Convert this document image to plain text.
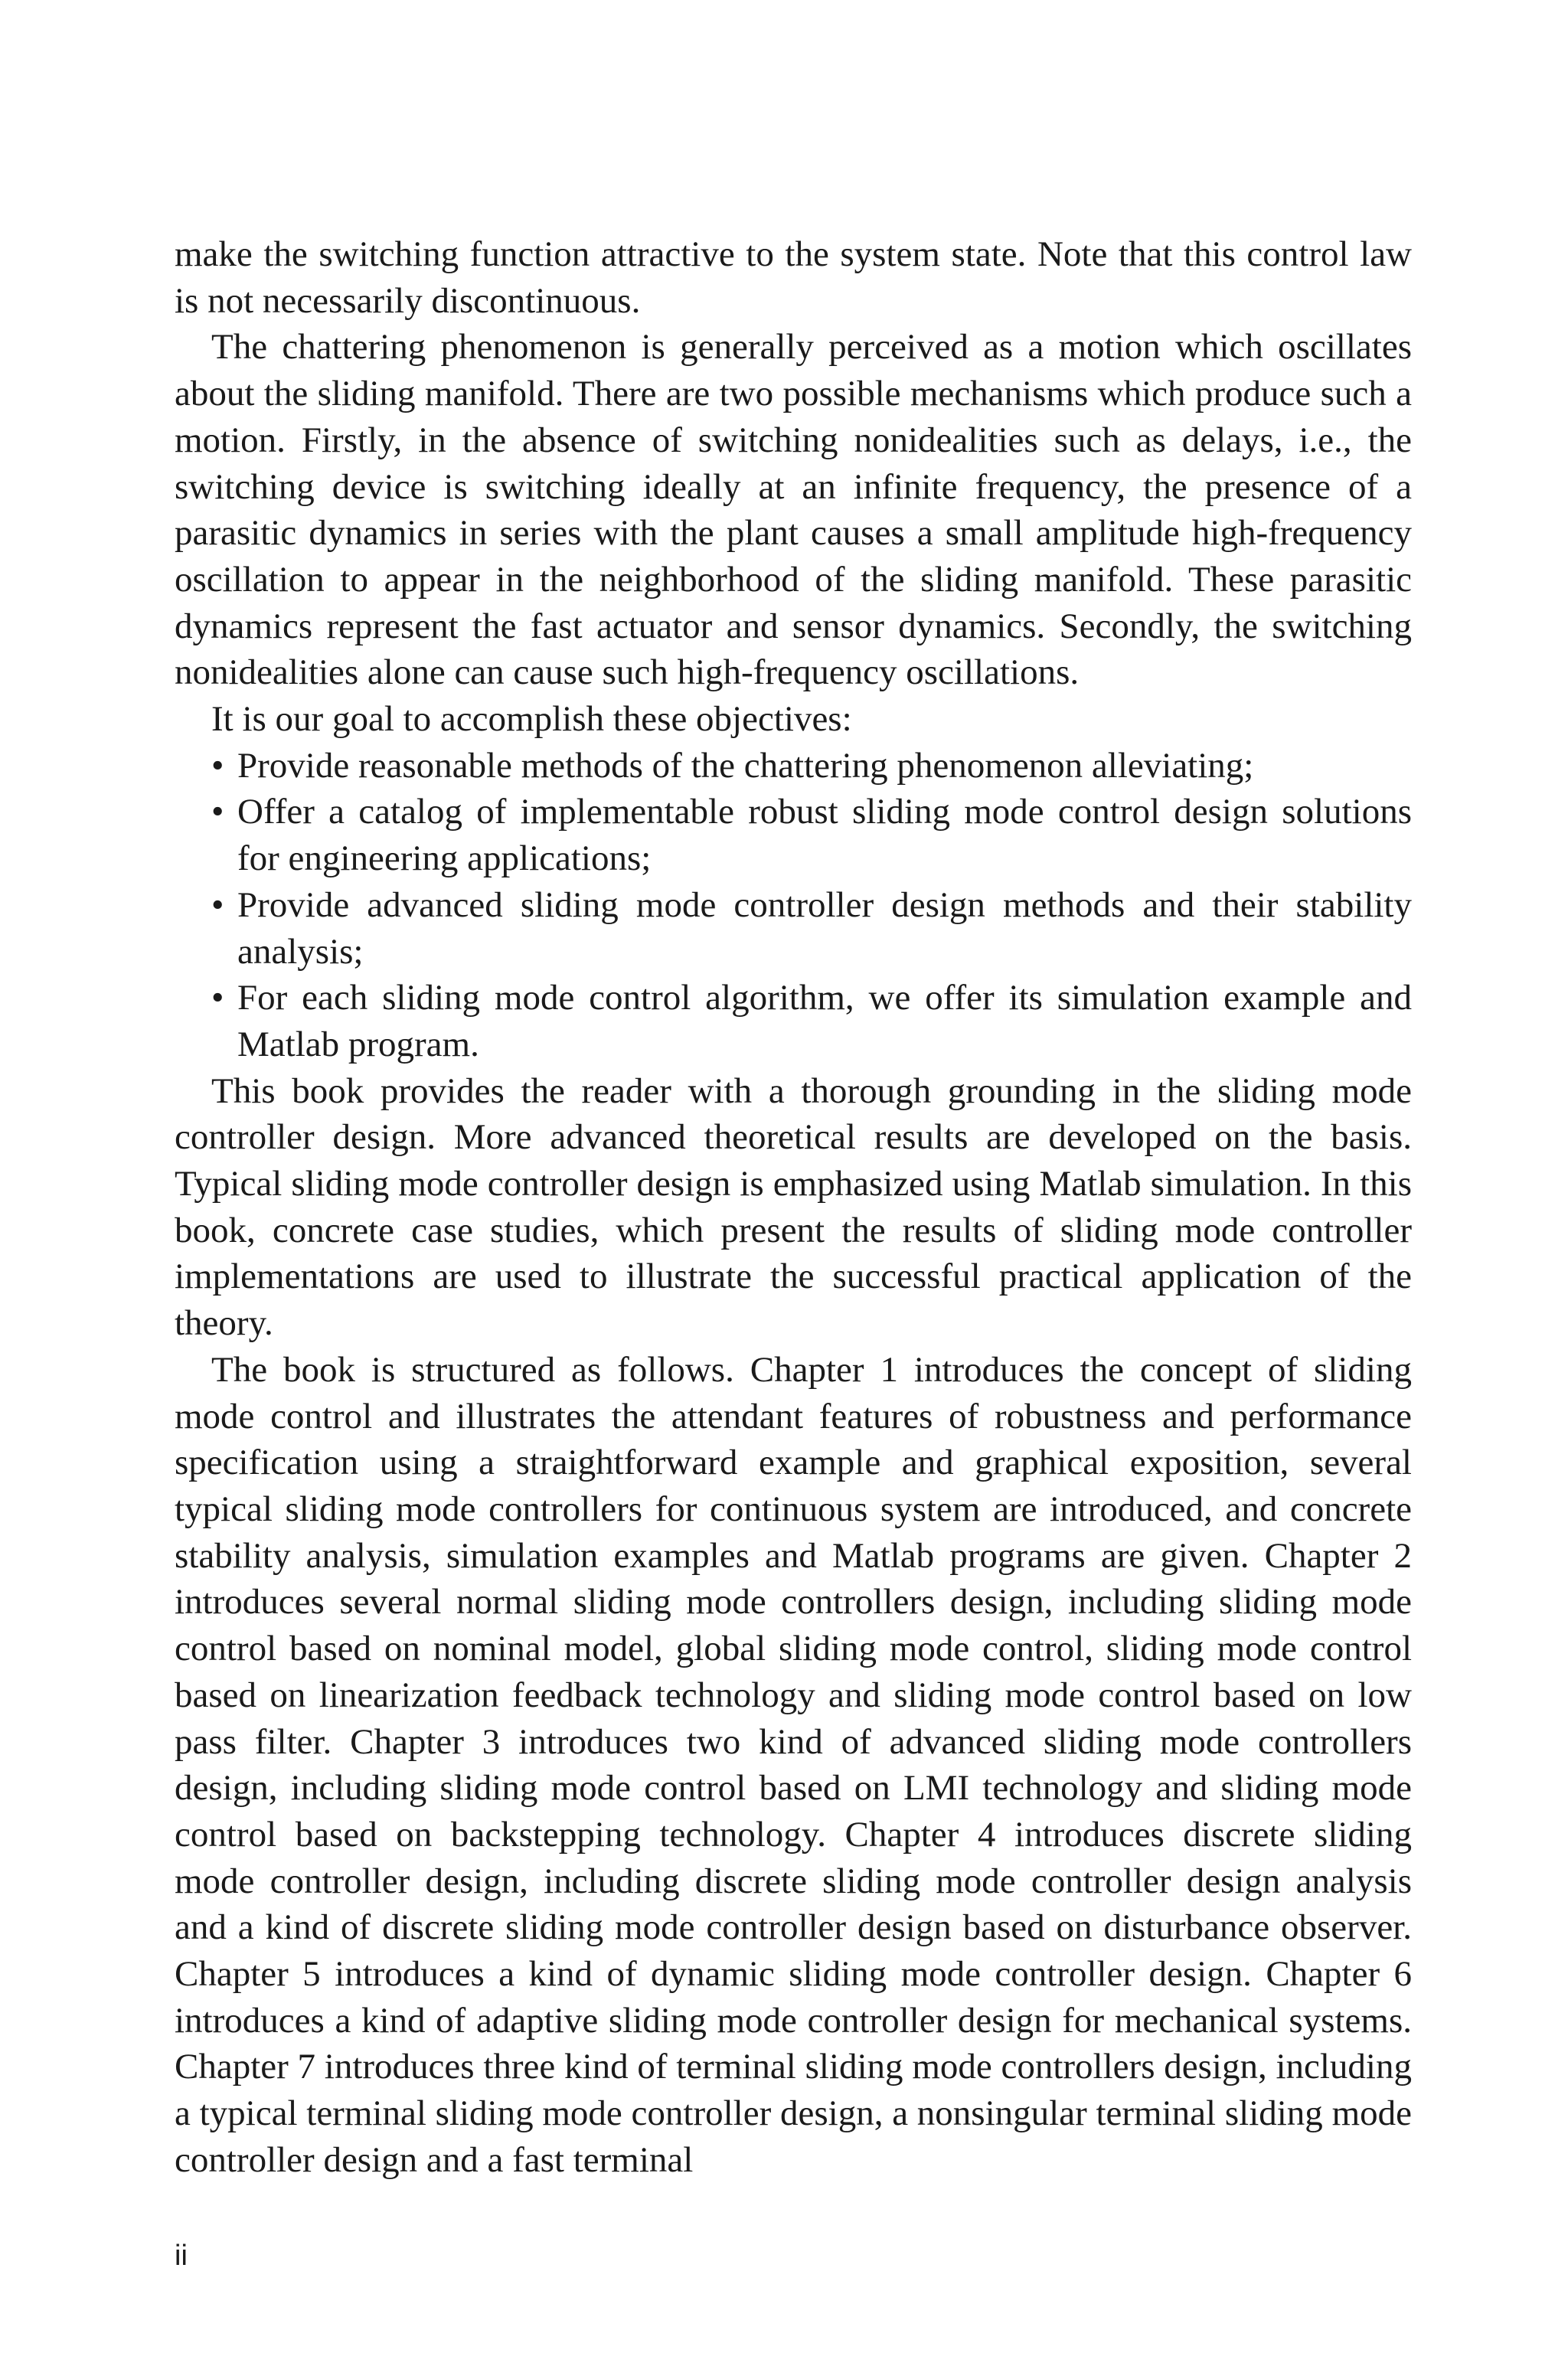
make the switching function attractive to the system state. Note that this control law is not necessarily discontinuous.

The chattering phenomenon is generally perceived as a motion which oscillates about the sliding manifold. There are two possible mechanisms which produce such a motion. Firstly, in the absence of switching nonidealities such as delays, i.e., the switching device is switching ideally at an infinite frequency, the presence of a parasitic dynamics in series with the plant causes a small amplitude high-frequency oscillation to appear in the neighborhood of the sliding manifold. These parasitic dynamics represent the fast actuator and sensor dynamics. Secondly, the switching nonidealities alone can cause such high-frequency oscillations.

It is our goal to accomplish these objectives:

• Provide reasonable methods of the chattering phenomenon alleviating;
• Offer a catalog of implementable robust sliding mode control design solutions for engineering applications;
• Provide advanced sliding mode controller design methods and their stability analysis;
• For each sliding mode control algorithm, we offer its simulation example and Matlab program.

This book provides the reader with a thorough grounding in the sliding mode controller design. More advanced theoretical results are developed on the basis. Typical sliding mode controller design is emphasized using Matlab simulation. In this book, concrete case studies, which present the results of sliding mode controller implementations are used to illustrate the successful practical application of the theory.

The book is structured as follows. Chapter 1 introduces the concept of sliding mode control and illustrates the attendant features of robustness and performance specification using a straightforward example and graphical exposition, several typical sliding mode controllers for continuous system are introduced, and concrete stability analysis, simulation examples and Matlab programs are given. Chapter 2 introduces several normal sliding mode controllers design, including sliding mode control based on nominal model, global sliding mode control, sliding mode control based on linearization feedback technology and sliding mode control based on low pass filter. Chapter 3 introduces two kind of advanced sliding mode controllers design, including sliding mode control based on LMI technology and sliding mode control based on backstepping technology. Chapter 4 introduces discrete sliding mode controller design, including discrete sliding mode controller design analysis and a kind of discrete sliding mode controller design based on disturbance observer. Chapter 5 introduces a kind of dynamic sliding mode controller design. Chapter 6 introduces a kind of adaptive sliding mode controller design for mechanical systems. Chapter 7 introduces three kind of terminal sliding mode controllers design, including a typical terminal sliding mode controller design, a nonsingular terminal sliding mode controller design and a fast terminal

ii
